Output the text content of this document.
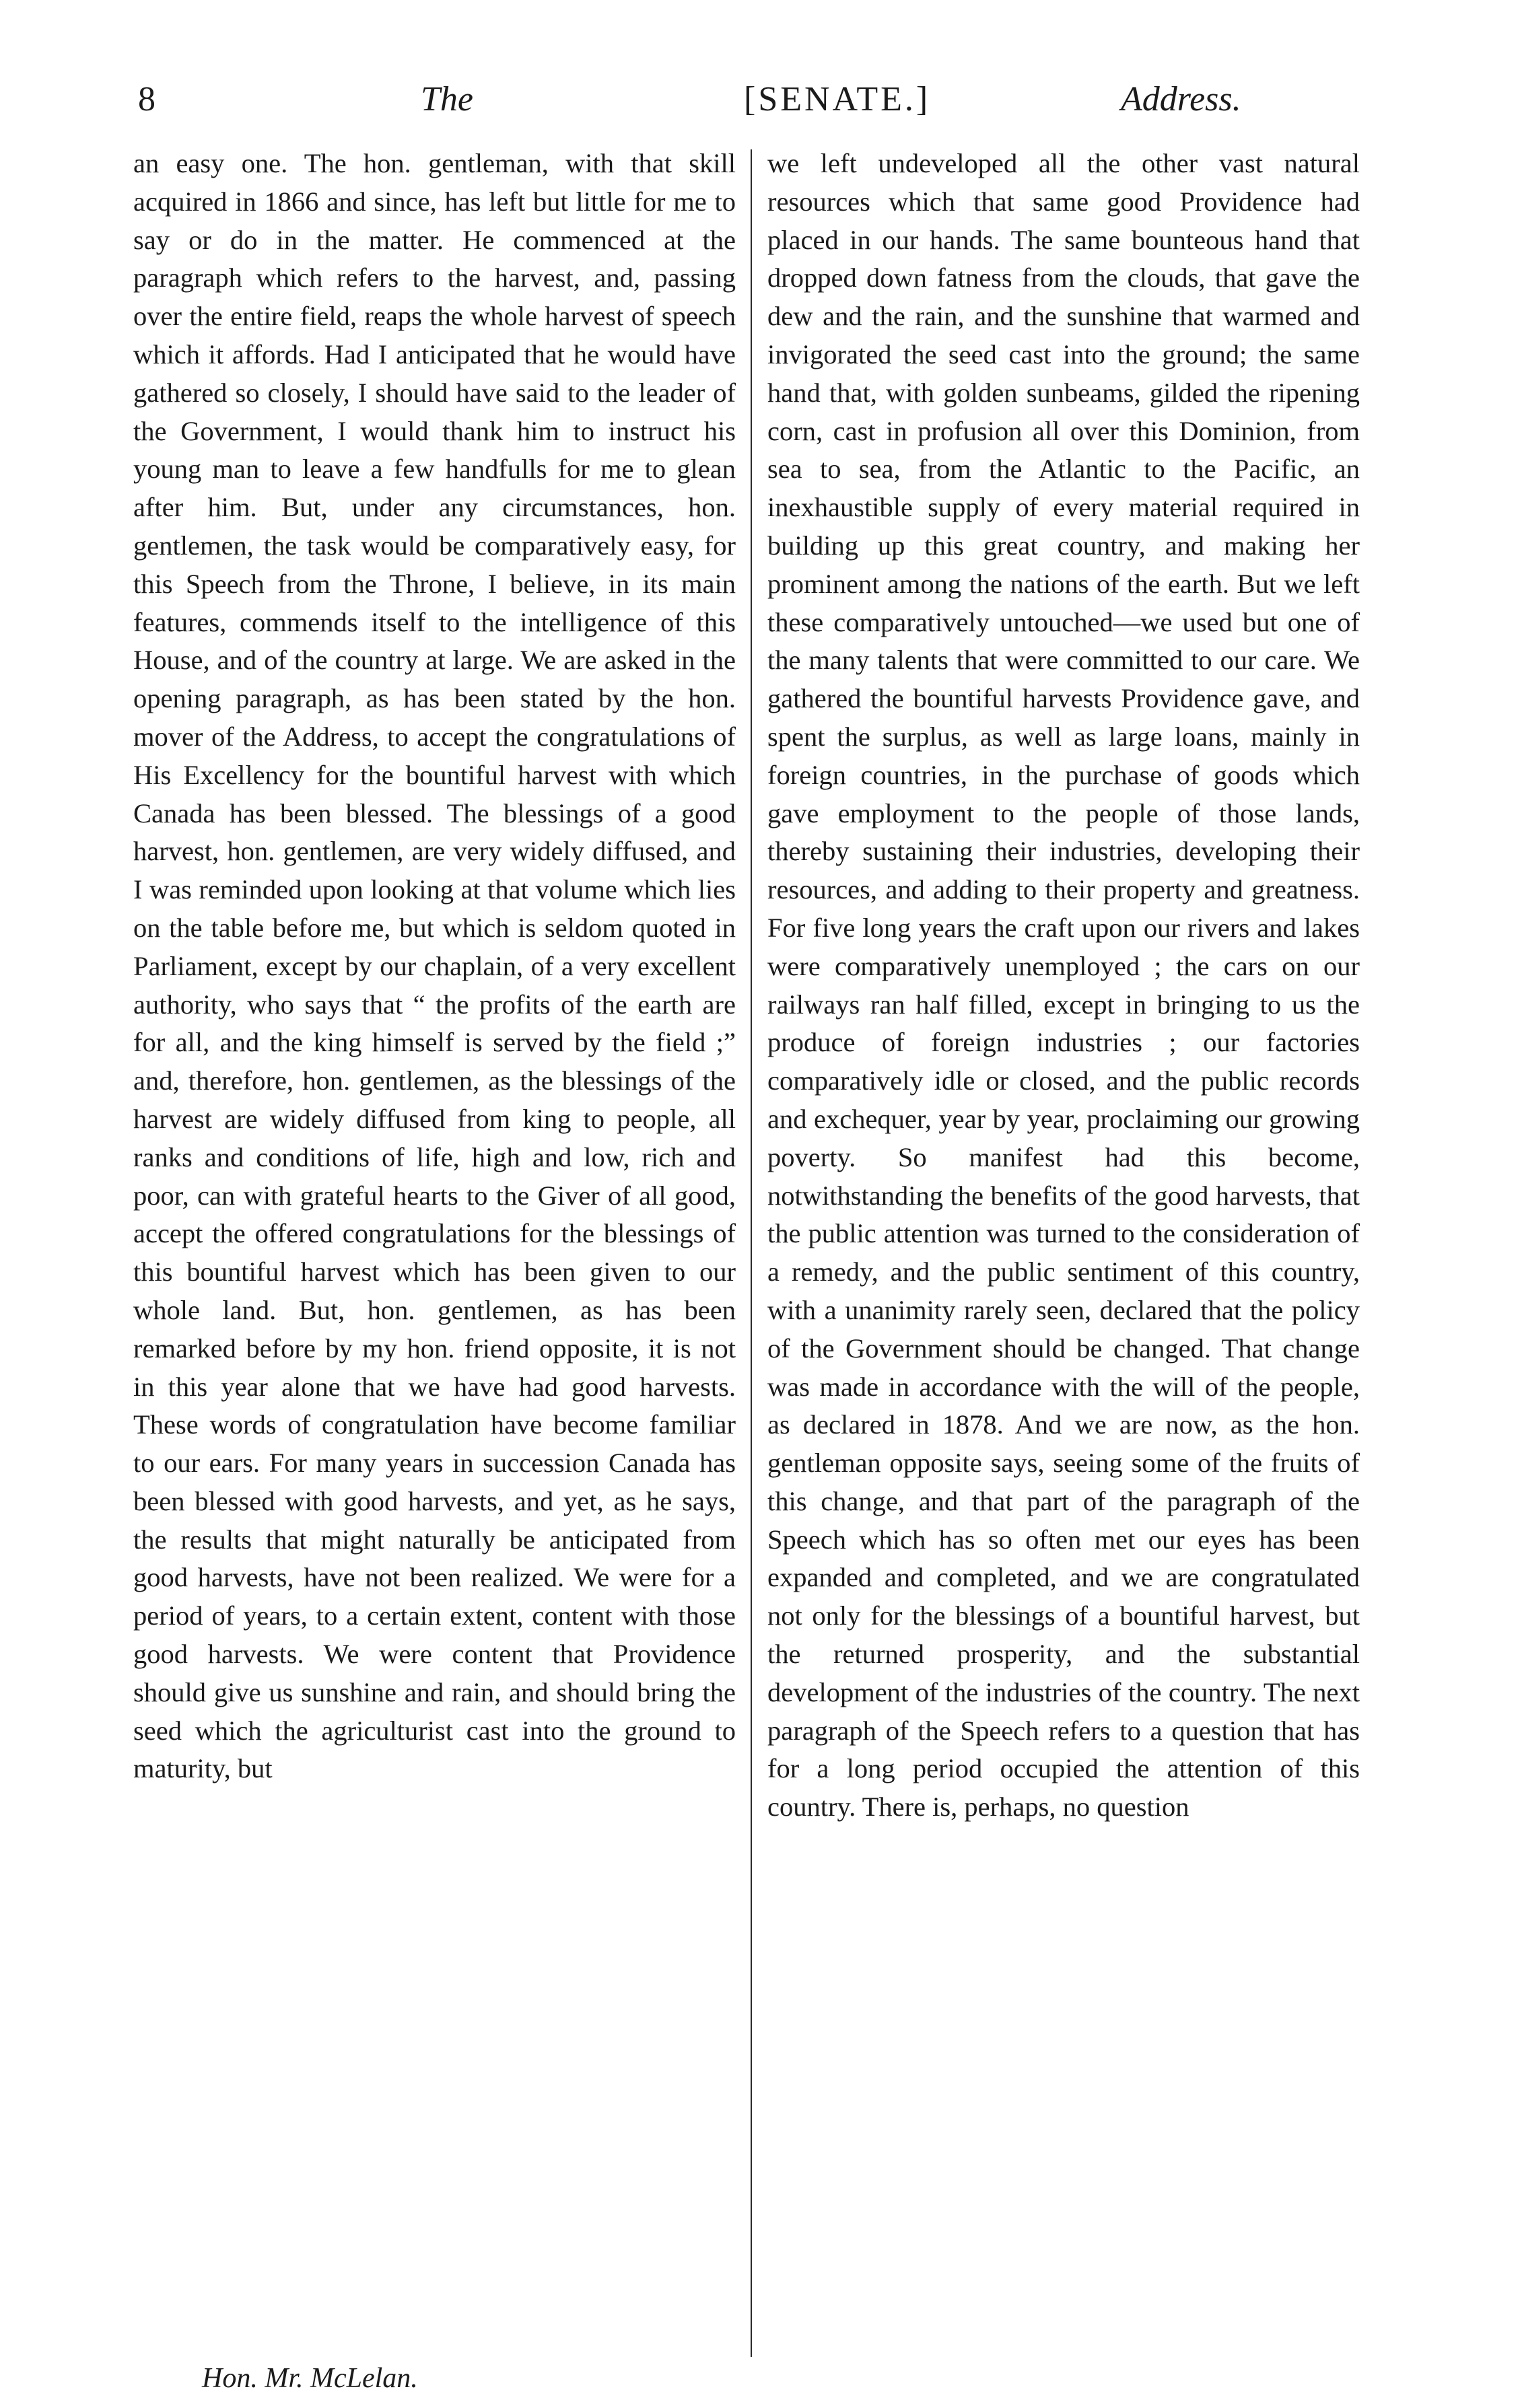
8	The	[SENATE.]	Address.

an easy one. The hon. gentleman, with that skill acquired in 1866 and since, has left but little for me to say or do in the matter. He commenced at the paragraph which refers to the harvest, and, passing over the entire field, reaps the whole harvest of speech which it affords. Had I anticipated that he would have gathered so closely, I should have said to the leader of the Government, I would thank him to instruct his young man to leave a few handfulls for me to glean after him. But, under any circumstances, hon. gentlemen, the task would be comparatively easy, for this Speech from the Throne, I believe, in its main features, commends itself to the intelligence of this House, and of the country at large. We are asked in the opening paragraph, as has been stated by the hon. mover of the Address, to accept the congratulations of His Excellency for the bountiful harvest with which Canada has been blessed. The blessings of a good harvest, hon. gentlemen, are very widely diffused, and I was reminded upon looking at that volume which lies on the table before me, but which is seldom quoted in Parliament, except by our chaplain, of a very excellent authority, who says that “ the profits of the earth are for all, and the king himself is served by the field ;” and, therefore, hon. gentlemen, as the blessings of the harvest are widely diffused from king to people, all ranks and conditions of life, high and low, rich and poor, can with grateful hearts to the Giver of all good, accept the offered congratulations for the blessings of this bountiful harvest which has been given to our whole land. But, hon. gentlemen, as has been remarked before by my hon. friend opposite, it is not in this year alone that we have had good harvests. These words of congratulation have become familiar to our ears. For many years in succession Canada has been blessed with good harvests, and yet, as he says, the results that might naturally be anticipated from good harvests, have not been realized. We were for a period of years, to a certain extent, content with those good harvests. We were content that Providence should give us sunshine and rain, and should bring the seed which the agriculturist cast into the ground to maturity, but

we left undeveloped all the other vast natural resources which that same good Providence had placed in our hands. The same bounteous hand that dropped down fatness from the clouds, that gave the dew and the rain, and the sunshine that warmed and invigorated the seed cast into the ground; the same hand that, with golden sunbeams, gilded the ripening corn, cast in profusion all over this Dominion, from sea to sea, from the Atlantic to the Pacific, an inexhaustible supply of every material required in building up this great country, and making her prominent among the nations of the earth. But we left these comparatively untouched—we used but one of the many talents that were committed to our care. We gathered the bountiful harvests Providence gave, and spent the surplus, as well as large loans, mainly in foreign countries, in the purchase of goods which gave employment to the people of those lands, thereby sustaining their industries, developing their resources, and adding to their property and greatness. For five long years the craft upon our rivers and lakes were comparatively unemployed ; the cars on our railways ran half filled, except in bringing to us the produce of foreign industries ; our factories comparatively idle or closed, and the public records and exchequer, year by year, proclaiming our growing poverty. So manifest had this become, notwithstanding the benefits of the good harvests, that the public attention was turned to the consideration of a remedy, and the public sentiment of this country, with a unanimity rarely seen, declared that the policy of the Government should be changed. That change was made in accordance with the will of the people, as declared in 1878. And we are now, as the hon. gentleman opposite says, seeing some of the fruits of this change, and that part of the paragraph of the Speech which has so often met our eyes has been expanded and completed, and we are congratulated not only for the blessings of a bountiful harvest, but the returned prosperity, and the substantial development of the industries of the country. The next paragraph of the Speech refers to a question that has for a long period occupied the attention of this country. There is, perhaps, no question

Hon. Mr. McLelan.
